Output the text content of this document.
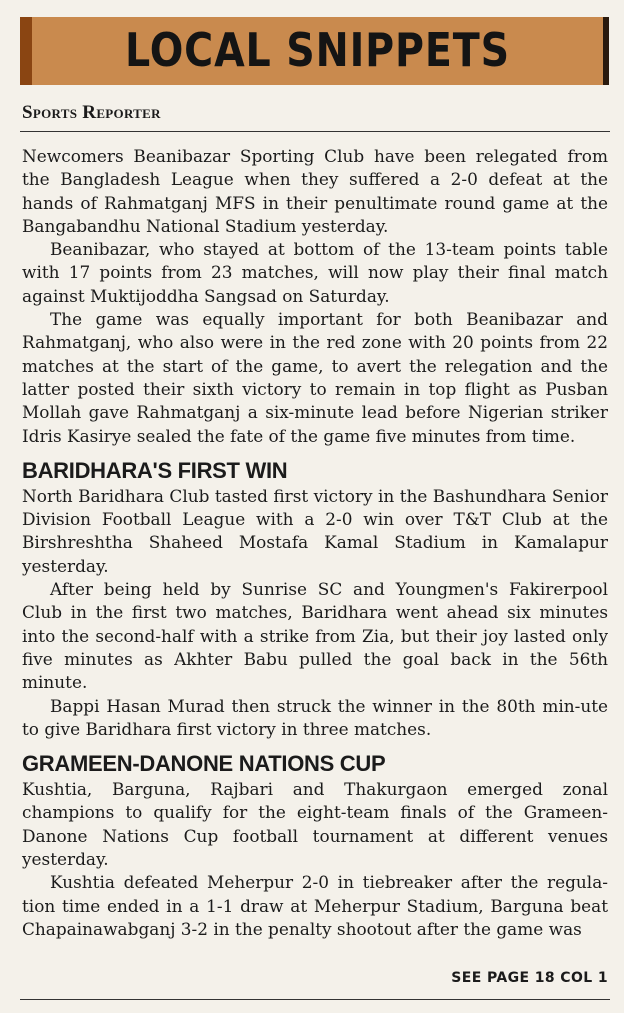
LOCAL SNIPPETS
Sports Reporter

Newcomers Beanibazar Sporting Club have been relegated from the Bangladesh League when they suffered a 2-0 defeat at the hands of Rahmatganj MFS in their penultimate round game at the Bangabandhu National Stadium yesterday.

Beanibazar, who stayed at bottom of the 13-team points table with 17 points from 23 matches, will now play their final match against Muktijoddha Sangsad on Saturday.

The game was equally important for both Beanibazar and Rahmatganj, who also were in the red zone with 20 points from 22 matches at the start of the game, to avert the relegation and the latter posted their sixth victory to remain in top flight as Pusban Mollah gave Rahmatganj a six-minute lead before Nigerian striker Idris Kasirye sealed the fate of the game five minutes from time.

BARIDHARA'S FIRST WIN

North Baridhara Club tasted first victory in the Bashundhara Senior Division Football League with a 2-0 win over T&T Club at the Birshreshtha Shaheed Mostafa Kamal Stadium in Kamalapur yesterday.

After being held by Sunrise SC and Youngmen's Fakirerpool Club in the first two matches, Baridhara went ahead six minutes into the second-half with a strike from Zia, but their joy lasted only five minutes as Akhter Babu pulled the goal back in the 56th minute.

Bappi Hasan Murad then struck the winner in the 80th min-ute to give Baridhara first victory in three matches.

GRAMEEN-DANONE NATIONS CUP

Kushtia, Barguna, Rajbari and Thakurgaon emerged zonal champions to qualify for the eight-team finals of the Grameen-Danone Nations Cup football tournament at different venues yesterday.

Kushtia defeated Meherpur 2-0 in tiebreaker after the regula-tion time ended in a 1-1 draw at Meherpur Stadium, Barguna beat Chapainawabganj 3-2 in the penalty shootout after the game was

SEE PAGE 18 COL 1
